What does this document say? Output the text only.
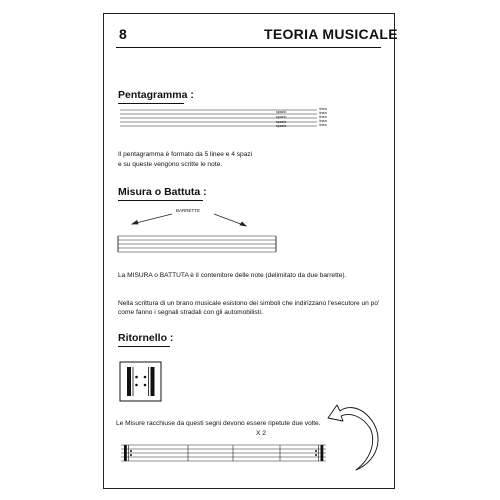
8	TEORIA MUSICALE
Pentagramma :
spazio
spazio
spazio
spazio
linea
linea
linea
linea
linea
Il pentagramma è formato da 5 linee e 4 spazi
e su queste vengono scritte le note.
Misura o Battuta :
BARRETTE
La MISURA o BATTUTA è il contenitore delle note (delimitato da due barrette).
Nella scrittura di un brano musicale esistono dei simboli che indirizzano l'esecutore un po'
come fanno i segnali stradali con gli automobilisti.
Ritornello :
Le Misure racchiuse da questi segni devono essere ripetute due volte.
X 2
